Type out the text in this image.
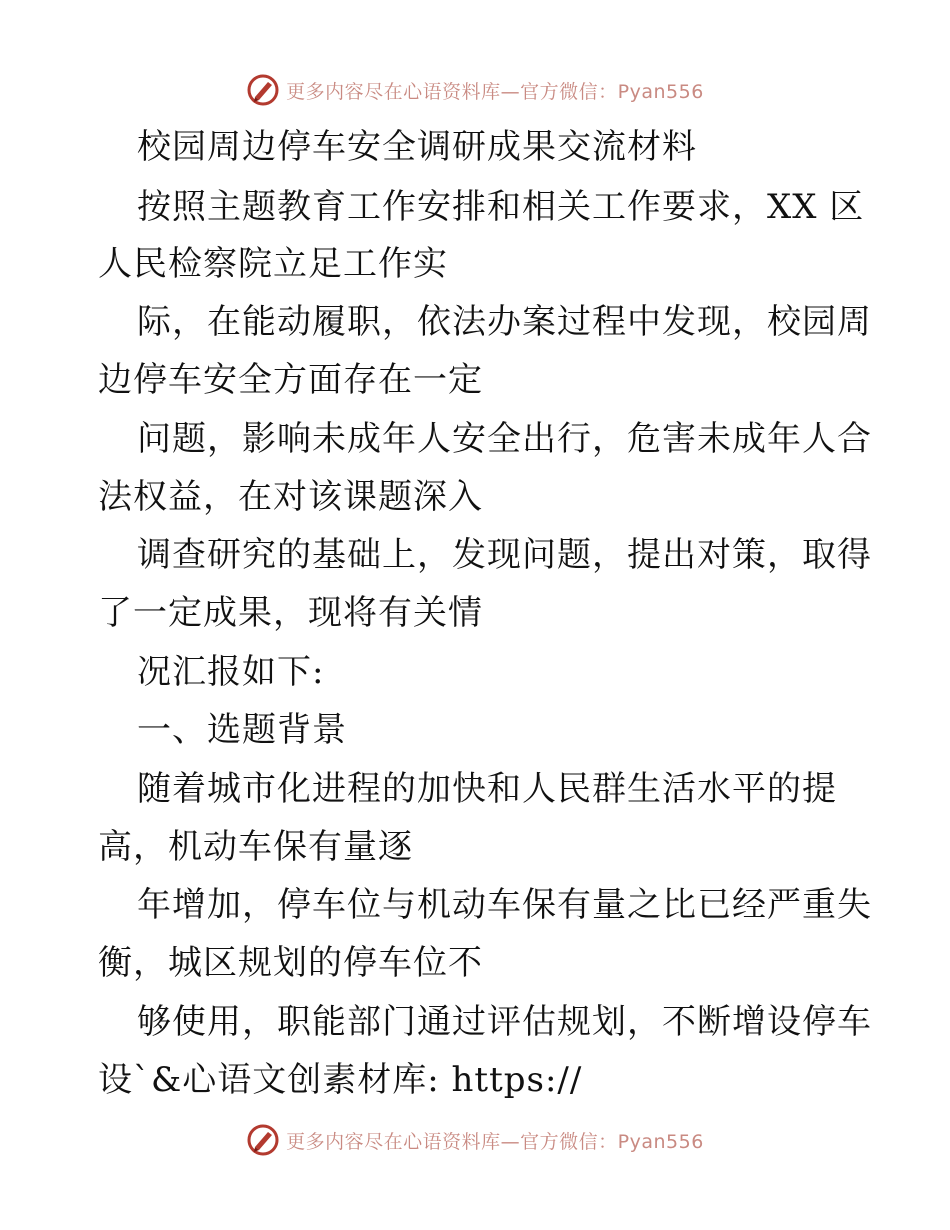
更多内容尽在心语资料库—官方微信：Pyan556
校园周边停车安全调研成果交流材料
按照主题教育工作安排和相关工作要求，XX 区
人民检察院立足工作实
际，在能动履职，依法办案过程中发现，校园周
边停车安全方面存在一定
问题，影响未成年人安全出行，危害未成年人合
法权益，在对该课题深入
调查研究的基础上，发现问题，提出对策，取得
了一定成果，现将有关情
况汇报如下:
一、选题背景
随着城市化进程的加快和人民群生活水平的提
高，机动车保有量逐
年增加，停车位与机动车保有量之比已经严重失
衡，城区规划的停车位不
够使用，职能部门通过评估规划，不断增设停车
设`&心语文创素材库: https://
更多内容尽在心语资料库—官方微信：Pyan556
